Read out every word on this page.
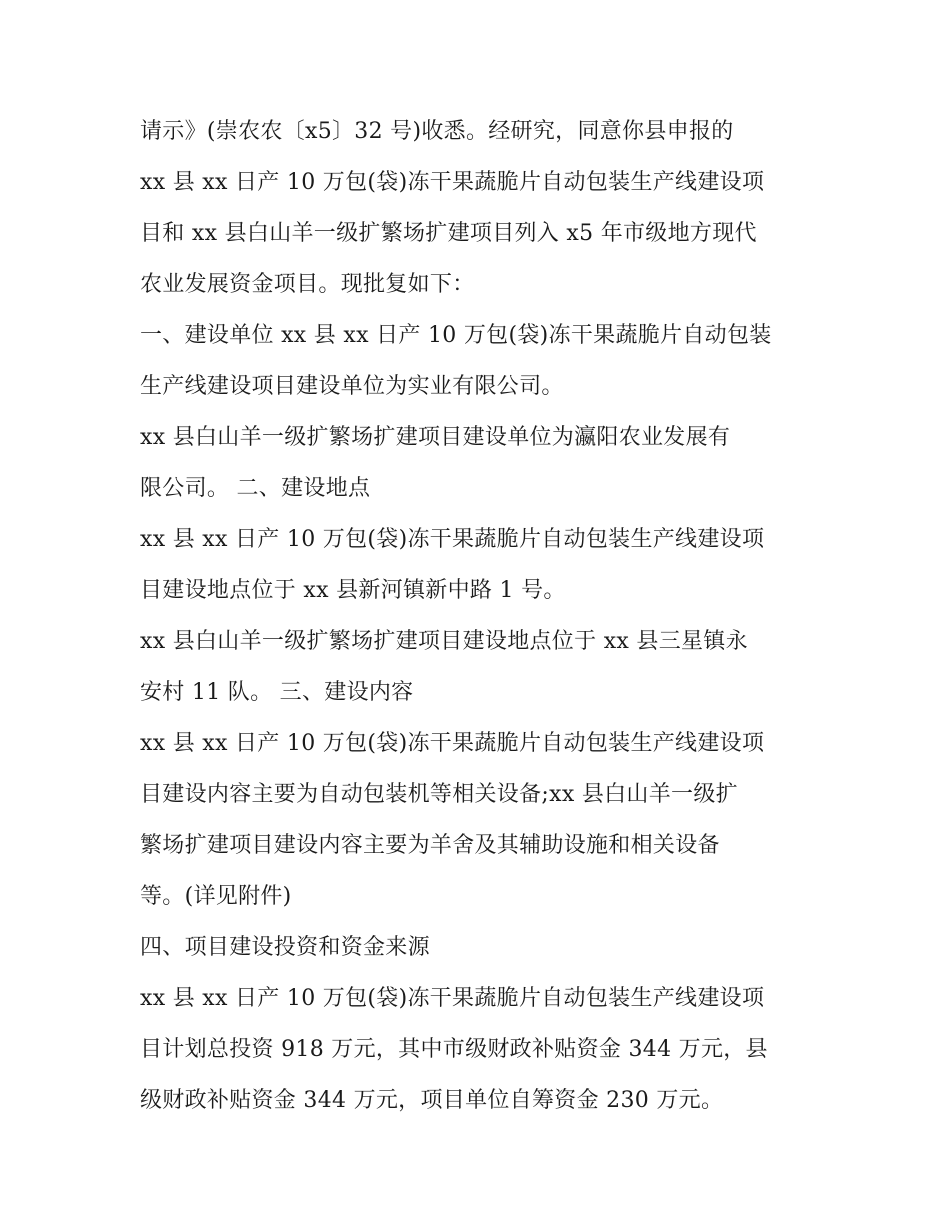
请示》(崇农农〔x5〕32 号)收悉。经研究，同意你县申报的
xx 县 xx 日产 10 万包(袋)冻干果蔬脆片自动包装生产线建设项
目和 xx 县白山羊一级扩繁场扩建项目列入 x5 年市级地方现代
农业发展资金项目。现批复如下：
一、建设单位 xx 县 xx 日产 10 万包(袋)冻干果蔬脆片自动包装
生产线建设项目建设单位为实业有限公司。
xx 县白山羊一级扩繁场扩建项目建设单位为瀛阳农业发展有
限公司。 二、建设地点
xx 县 xx 日产 10 万包(袋)冻干果蔬脆片自动包装生产线建设项
目建设地点位于 xx 县新河镇新中路 1 号。
xx 县白山羊一级扩繁场扩建项目建设地点位于 xx 县三星镇永
安村 11 队。 三、建设内容
xx 县 xx 日产 10 万包(袋)冻干果蔬脆片自动包装生产线建设项
目建设内容主要为自动包装机等相关设备;xx 县白山羊一级扩
繁场扩建项目建设内容主要为羊舍及其辅助设施和相关设备
等。(详见附件)
四、项目建设投资和资金来源
xx 县 xx 日产 10 万包(袋)冻干果蔬脆片自动包装生产线建设项
目计划总投资 918 万元，其中市级财政补贴资金 344 万元，县
级财政补贴资金 344 万元，项目单位自筹资金 230 万元。
